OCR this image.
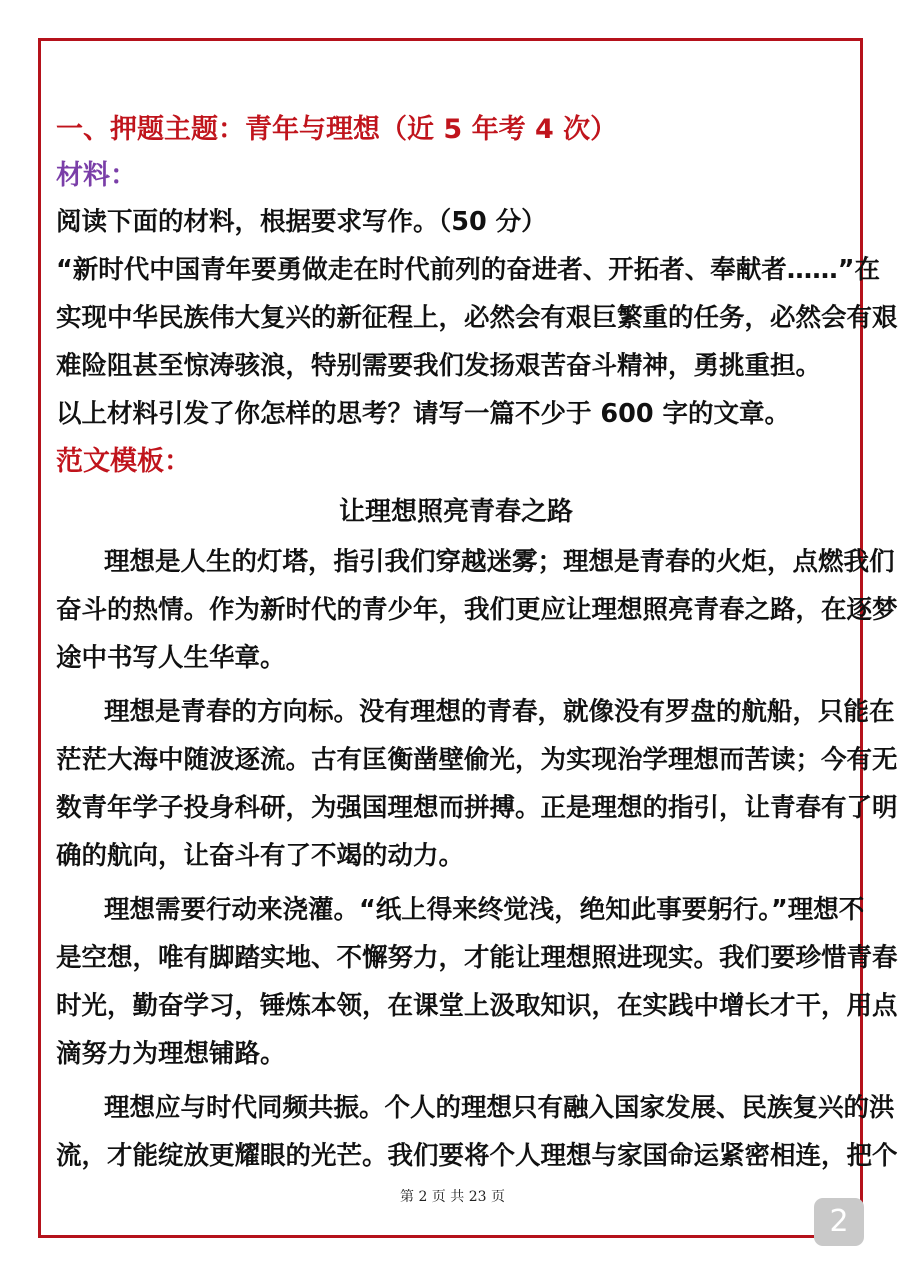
一、押题主题：青年与理想（近 5 年考 4 次）
材料：
阅读下面的材料，根据要求写作。（50 分）
“新时代中国青年要勇做走在时代前列的奋进者、开拓者、奉献者……”在
实现中华民族伟大复兴的新征程上，必然会有艰巨繁重的任务，必然会有艰
难险阻甚至惊涛骇浪，特别需要我们发扬艰苦奋斗精神，勇挑重担。
以上材料引发了你怎样的思考？请写一篇不少于 600 字的文章。
范文模板：
让理想照亮青春之路
理想是人生的灯塔，指引我们穿越迷雾；理想是青春的火炬，点燃我们
奋斗的热情。作为新时代的青少年，我们更应让理想照亮青春之路，在逐梦
途中书写人生华章。
理想是青春的方向标。没有理想的青春，就像没有罗盘的航船，只能在
茫茫大海中随波逐流。古有匡衡凿壁偷光，为实现治学理想而苦读；今有无
数青年学子投身科研，为强国理想而拼搏。正是理想的指引，让青春有了明
确的航向，让奋斗有了不竭的动力。
理想需要行动来浇灌。“纸上得来终觉浅，绝知此事要躬行。”理想不
是空想，唯有脚踏实地、不懈努力，才能让理想照进现实。我们要珍惜青春
时光，勤奋学习，锤炼本领，在课堂上汲取知识，在实践中增长才干，用点
滴努力为理想铺路。
理想应与时代同频共振。个人的理想只有融入国家发展、民族复兴的洪
流，才能绽放更耀眼的光芒。我们要将个人理想与家国命运紧密相连，把个
第 2 页 共 23 页
2
